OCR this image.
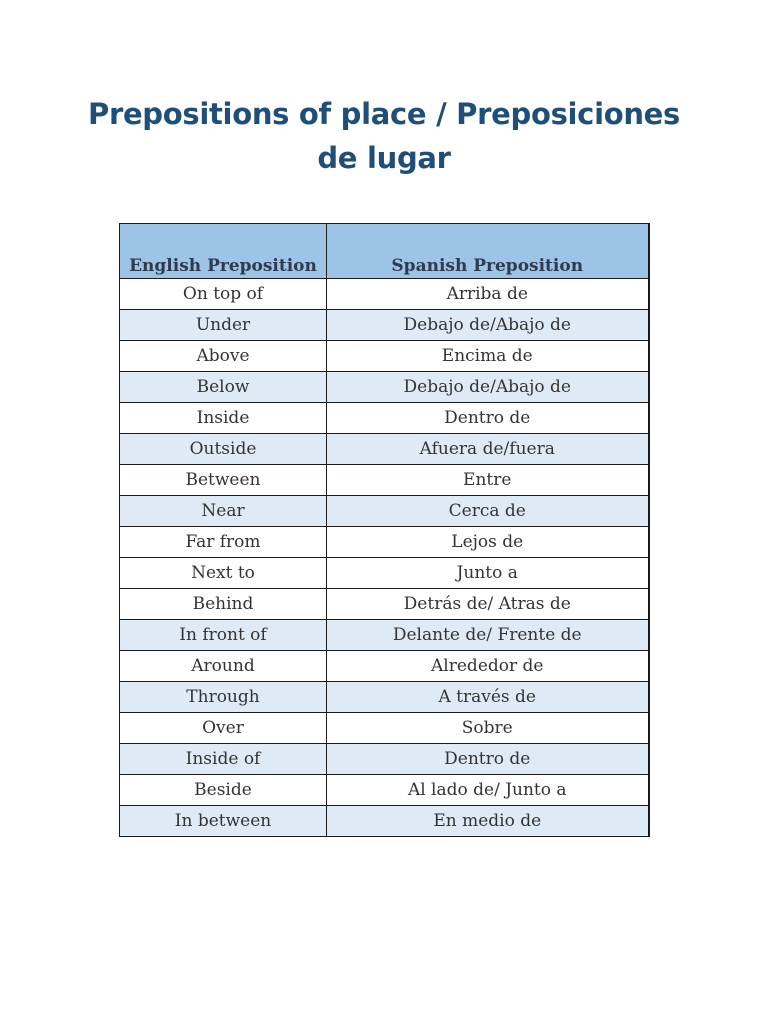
Prepositions of place / Preposiciones
de lugar
English Preposition	Spanish Preposition
On top of	Arriba de
Under	Debajo de/Abajo de
Above	Encima de
Below	Debajo de/Abajo de
Inside	Dentro de
Outside	Afuera de/fuera
Between	Entre
Near	Cerca de
Far from	Lejos de
Next to	Junto a
Behind	Detrás de/ Atras de
In front of	Delante de/ Frente de
Around	Alrededor de
Through	A través de
Over	Sobre
Inside of	Dentro de
Beside	Al lado de/ Junto a
In between	En medio de
